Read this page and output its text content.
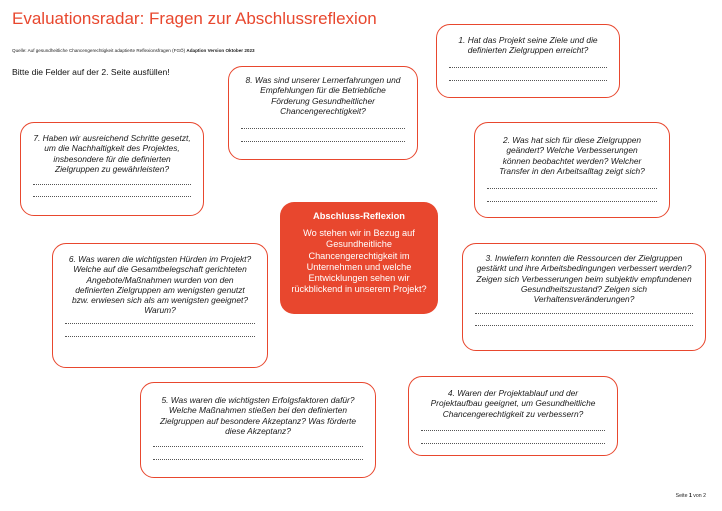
Evaluationsradar: Fragen zur Abschlussreflexion
Quelle: Auf gesundheitliche Chancengerechtigkeit adaptierte Reflexionsfragen (FGÖ) Adaption Version Oktober 2023
Bitte die Felder auf der 2. Seite ausfüllen!
8. Was sind unserer Lernerfahrungen und Empfehlungen für die Betriebliche Förderung Gesundheitlicher Chancengerechtigkeit?
1. Hat das Projekt seine Ziele und die definierten Zielgruppen erreicht?
7. Haben wir ausreichend Schritte gesetzt, um die Nachhaltigkeit des Projektes, insbesondere für die definierten Zielgruppen zu gewährleisten?
2. Was hat sich für diese Zielgruppen geändert? Welche Verbesserungen können beobachtet werden? Welcher Transfer in den Arbeitsalltag zeigt sich?
Abschluss-Reflexion
Wo stehen wir in Bezug auf Gesundheitliche Chancengerechtigkeit im Unternehmen und welche Entwicklungen sehen wir rückblickend in unserem Projekt?
6. Was waren die wichtigsten Hürden im Projekt? Welche auf die Gesamtbelegschaft gerichteten Angebote/Maßnahmen wurden von den definierten Zielgruppen am wenigsten genutzt bzw. erwiesen sich als am wenigsten geeignet? Warum?
3. Inwiefern konnten die Ressourcen der Zielgruppen gestärkt und ihre Arbeitsbedingungen verbessert werden? Zeigen sich Verbesserungen beim subjektiv empfundenen Gesundheitszustand? Zeigen sich Verhaltensveränderungen?
5. Was waren die wichtigsten Erfolgsfaktoren dafür? Welche Maßnahmen stießen bei den definierten Zielgruppen auf besondere Akzeptanz? Was förderte diese Akzeptanz?
4. Waren der Projektablauf und der Projektaufbau geeignet, um Gesundheitliche Chancengerechtigkeit zu verbessern?
Seite 1 von 2
